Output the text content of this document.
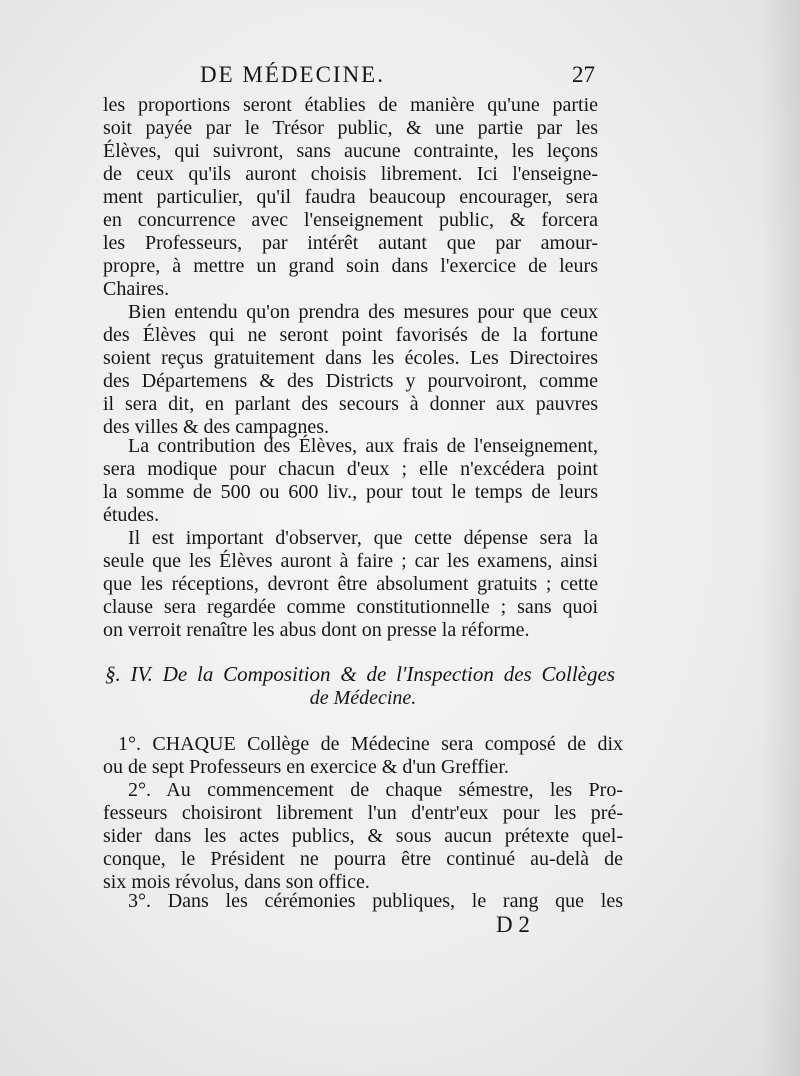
DE MÉDECINE.	27
les proportions seront établies de manière qu'une partie
soit payée par le Trésor public, & une partie par les
Élèves, qui suivront, sans aucune contrainte, les leçons
de ceux qu'ils auront choisis librement. Ici l'enseigne-
ment particulier, qu'il faudra beaucoup encourager, sera
en concurrence avec l'enseignement public, & forcera
les Professeurs, par intérêt autant que par amour-
propre, à mettre un grand soin dans l'exercice de leurs
Chaires.
Bien entendu qu'on prendra des mesures pour que ceux
des Élèves qui ne seront point favorisés de la fortune
soient reçus gratuitement dans les écoles. Les Directoires
des Départemens & des Districts y pourvoiront, comme
il sera dit, en parlant des secours à donner aux pauvres
des villes & des campagnes.
La contribution des Élèves, aux frais de l'enseignement,
sera modique pour chacun d'eux ; elle n'excédera point
la somme de 500 ou 600 liv., pour tout le temps de leurs
études.
Il est important d'observer, que cette dépense sera la
seule que les Élèves auront à faire ; car les examens, ainsi
que les réceptions, devront être absolument gratuits ; cette
clause sera regardée comme constitutionnelle ; sans quoi
on verroit renaître les abus dont on presse la réforme.
§. IV. De la Composition & de l'Inspection des Collèges
de Médecine.
1°. CHAQUE Collège de Médecine sera composé de dix
ou de sept Professeurs en exercice & d'un Greffier.
2°. Au commencement de chaque sémestre, les Pro-
fesseurs choisiront librement l'un d'entr'eux pour les pré-
sider dans les actes publics, & sous aucun prétexte quel-
conque, le Président ne pourra être continué au-delà de
six mois révolus, dans son office.
3°. Dans les cérémonies publiques, le rang que les
D 2
